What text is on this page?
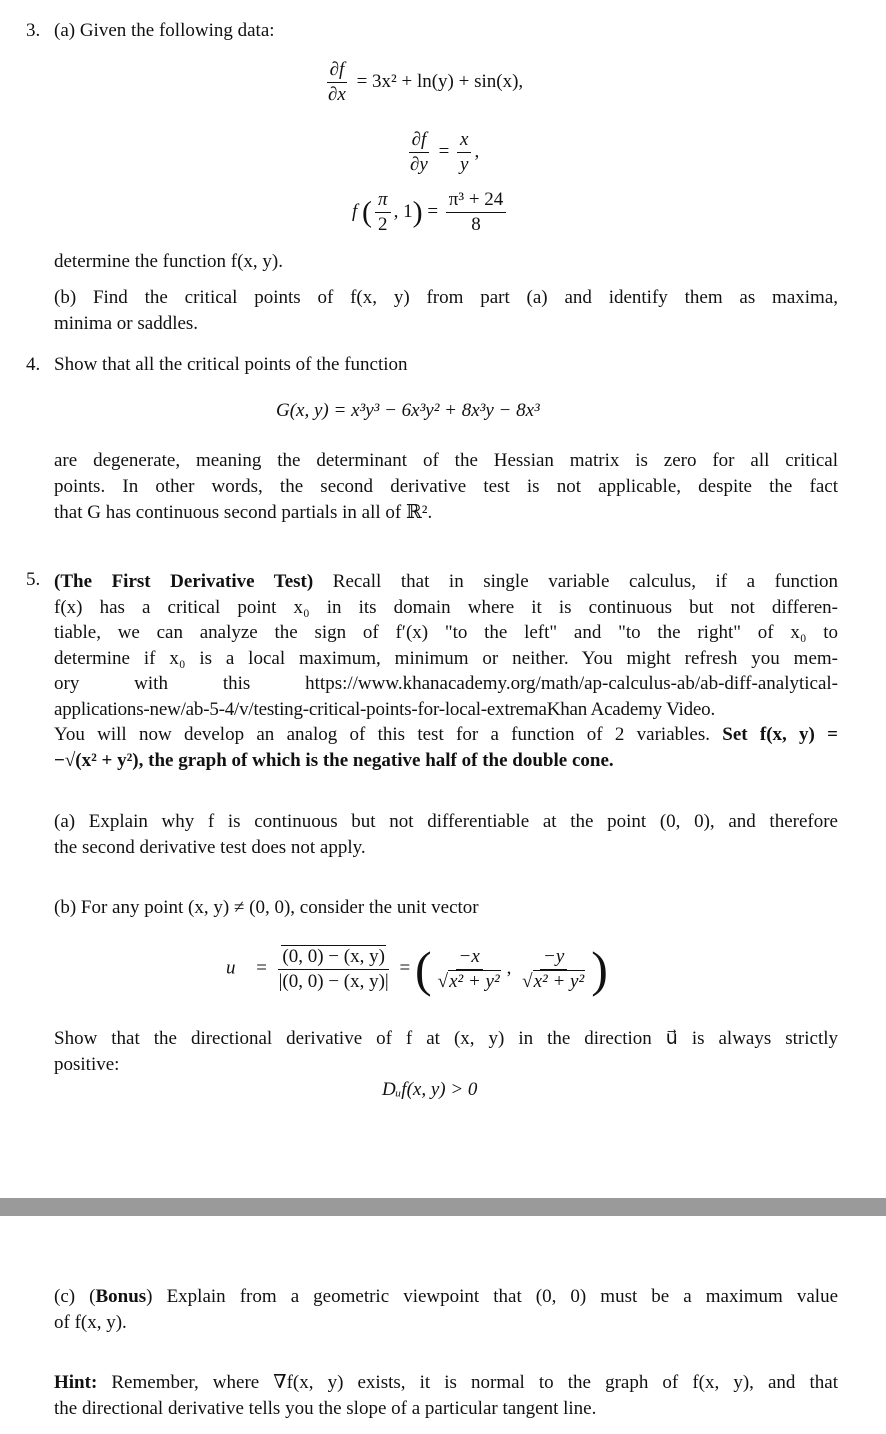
3. (a) Given the following data:
$\frac{\partial f}{\partial x} = 3x^2 + \ln(y) + \sin(x)$,
$\frac{\partial f}{\partial y} = \frac{x}{y}$ ,
f ( $\frac{\pi}{2}$ , $1) = \frac{\text{π³ + 24}}{8}$
determine the function f(x, y).
(b) Find the critical points of f(x, y) from part (a) and identify them as maxima,
minima or saddles.
4. Show that all the critical points of the function
G(x, y) = x³y³ − 6x³y² + 8x³y − 8x³
are degenerate, meaning the determinant of the Hessian matrix is zero for all critical
points. In other words, the second derivative test is not applicable, despite the fact
that G has continuous second partials in all of ℝ².
5. (The First Derivative Test) Recall that in single variable calculus, if a function
f(x) has a critical point x₀ in its domain where it is continuous but not differen-
tiable, we can analyze the sign of f′(x) "to the left" and "to the right" of x₀ to
determine if x₀ is a local maximum, minimum or neither. You might refresh you mem-
ory with this https://www.khanacademy.org/math/ap-calculus-ab/ab-diff-analytical-
applications-new/ab-5-4/v/testing-critical-points-for-local-extremaKhan Academy Video.
You will now develop an analog of this test for a function of 2 variables. Set f(x, y) =
−√(x² + y²), the graph of which is the negative half of the double cone.
(a) Explain why f is continuous but not differentiable at the point (0, 0), and therefore
the second derivative test does not apply.
(b) For any point (x, y) ≠ (0, 0), consider the unit vector
u⃗ = $\frac{(0, 0) - (x, y)}{|(0, 0) - (x, y)|}$ = ( $\frac{-x}{\text{√x² + y²}}$ , $\frac{-y}{\text{√x² + y²}}$ )
Show that the directional derivative of f at (x, y) in the direction u⃗ is always strictly
positive:
Dᵤf(x, y) > 0
(c) (Bonus) Explain from a geometric viewpoint that (0, 0) must be a maximum value
of f(x, y).
Hint: Remember, where ∇f(x, y) exists, it is normal to the graph of f(x, y), and that
the directional derivative tells you the slope of a particular tangent line.
